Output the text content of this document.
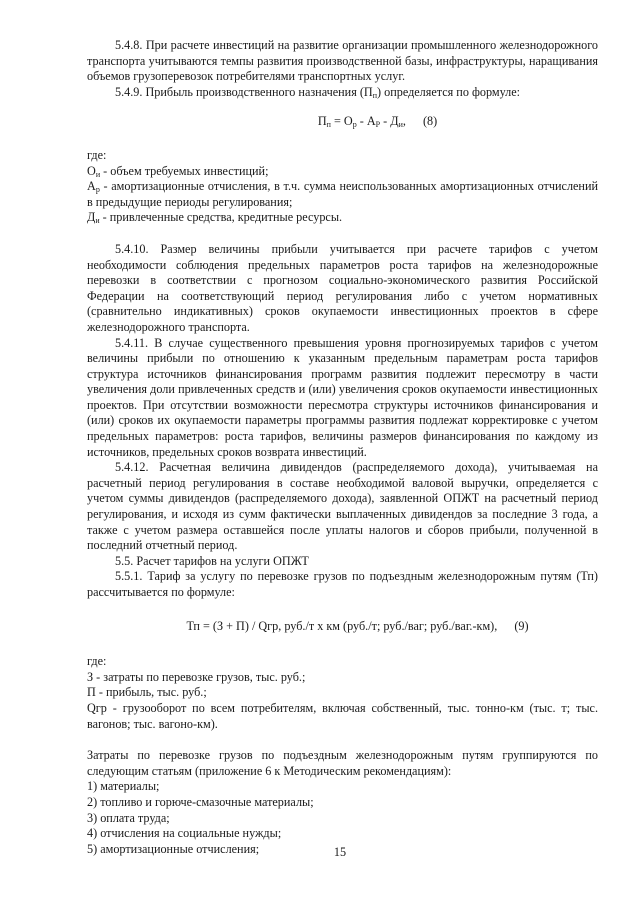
5.4.8. При расчете инвестиций на развитие организации промышленного железнодорожного транспорта учитываются темпы развития производственной базы, инфраструктуры, наращивания объемов грузоперевозок потребителями транспортных услуг.

5.4.9. Прибыль производственного назначения $(П_п)$ определяется по формуле:

$П_п = О_р - А_Р - Д_и$, (8)

где:

$О_и$ - объем требуемых инвестиций;

$А_р$ - амортизационные отчисления, в т.ч. сумма неиспользованных амортизационных отчислений в предыдущие периоды регулирования;

$Д_и$ - привлеченные средства, кредитные ресурсы.

5.4.10. Размер величины прибыли учитывается при расчете тарифов с учетом необходимости соблюдения предельных параметров роста тарифов на железнодорожные перевозки в соответствии с прогнозом социально-экономического развития Российской Федерации на соответствующий период регулирования либо с учетом нормативных (сравнительно индикативных) сроков окупаемости инвестиционных проектов в сфере железнодорожного транспорта.

5.4.11. В случае существенного превышения уровня прогнозируемых тарифов с учетом величины прибыли по отношению к указанным предельным параметрам роста тарифов структура источников финансирования программ развития подлежит пересмотру в части увеличения доли привлеченных средств и (или) увеличения сроков окупаемости инвестиционных проектов. При отсутствии возможности пересмотра структуры источников финансирования и (или) сроков их окупаемости параметры программы развития подлежат корректировке с учетом предельных параметров: роста тарифов, величины размеров финансирования по каждому из источников, предельных сроков возврата инвестиций.

5.4.12. Расчетная величина дивидендов (распределяемого дохода), учитываемая на расчетный период регулирования в составе необходимой валовой выручки, определяется с учетом суммы дивидендов (распределяемого дохода), заявленной ОПЖТ на расчетный период регулирования, и исходя из сумм фактически выплаченных дивидендов за последние 3 года, а также с учетом размера оставшейся после уплаты налогов и сборов прибыли, полученной в последний отчетный период.

5.5. Расчет тарифов на услуги ОПЖТ

5.5.1. Тариф за услугу по перевозке грузов по подъездным железнодорожным путям (Тп) рассчитывается по формуле:

Тп = (З + П) / Qгр, руб./т х км (руб./т; руб./ваг; руб./ваг.-км), (9)

где:

З - затраты по перевозке грузов, тыс. руб.;

П - прибыль, тыс. руб.;

Qгр - грузооборот по всем потребителям, включая собственный, тыс. тонно-км (тыс. т; тыс. вагонов; тыс. вагоно-км).

Затраты по перевозке грузов по подъездным железнодорожным путям группируются по следующим статьям (приложение 6 к Методическим рекомендациям):

1) материалы;

2) топливо и горюче-смазочные материалы;

3) оплата труда;

4) отчисления на социальные нужды;

5) амортизационные отчисления;	15
